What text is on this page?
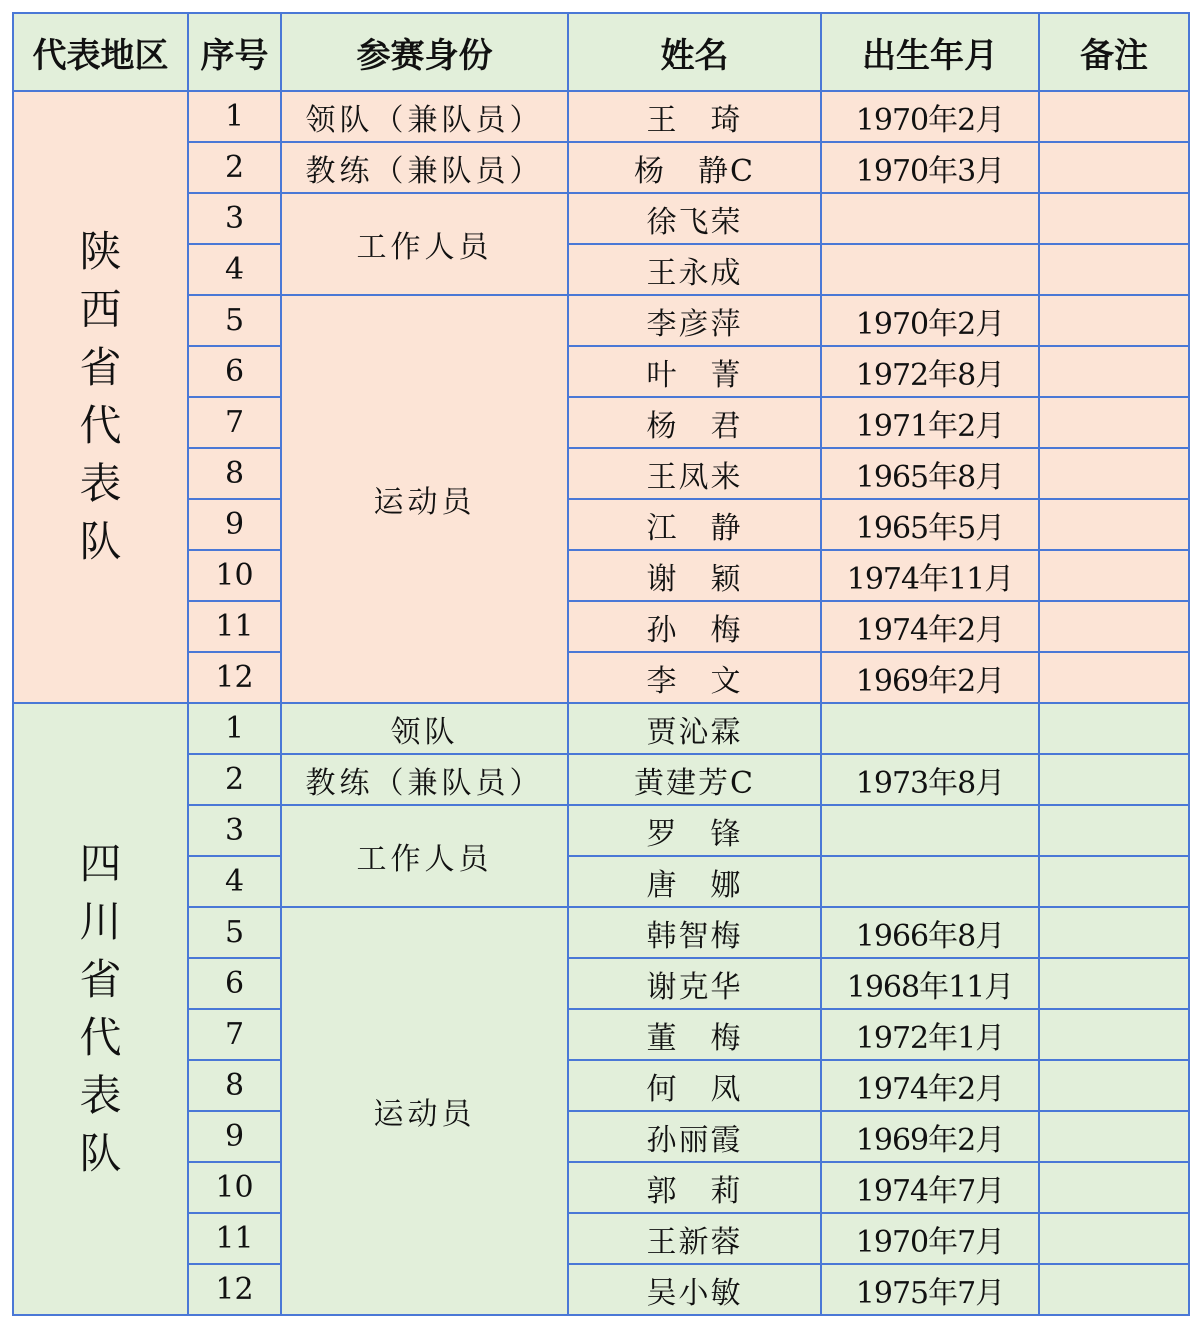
代表地区	序号	参赛身份	姓名	出生年月	备注
陕西省代表队	1	领队（兼队员）	王　琦	1970年2月	
	2	教练（兼队员）	杨　静C	1970年3月	
	3	工作人员	徐飞荣		
	4		王永成		
	5	运动员	李彦萍	1970年2月	
	6		叶　菁	1972年8月	
	7		杨　君	1971年2月	
	8		王凤来	1965年8月	
	9		江　静	1965年5月	
	10		谢　颖	1974年11月	
	11		孙　梅	1974年2月	
	12		李　文	1969年2月	
四川省代表队	1	领队	贾沁霖		
	2	教练（兼队员）	黄建芳C	1973年8月	
	3	工作人员	罗　锋		
	4		唐　娜		
	5	运动员	韩智梅	1966年8月	
	6		谢克华	1968年11月	
	7		董　梅	1972年1月	
	8		何　凤	1974年2月	
	9		孙丽霞	1969年2月	
	10		郭　莉	1974年7月	
	11		王新蓉	1970年7月	
	12		吴小敏	1975年7月	
